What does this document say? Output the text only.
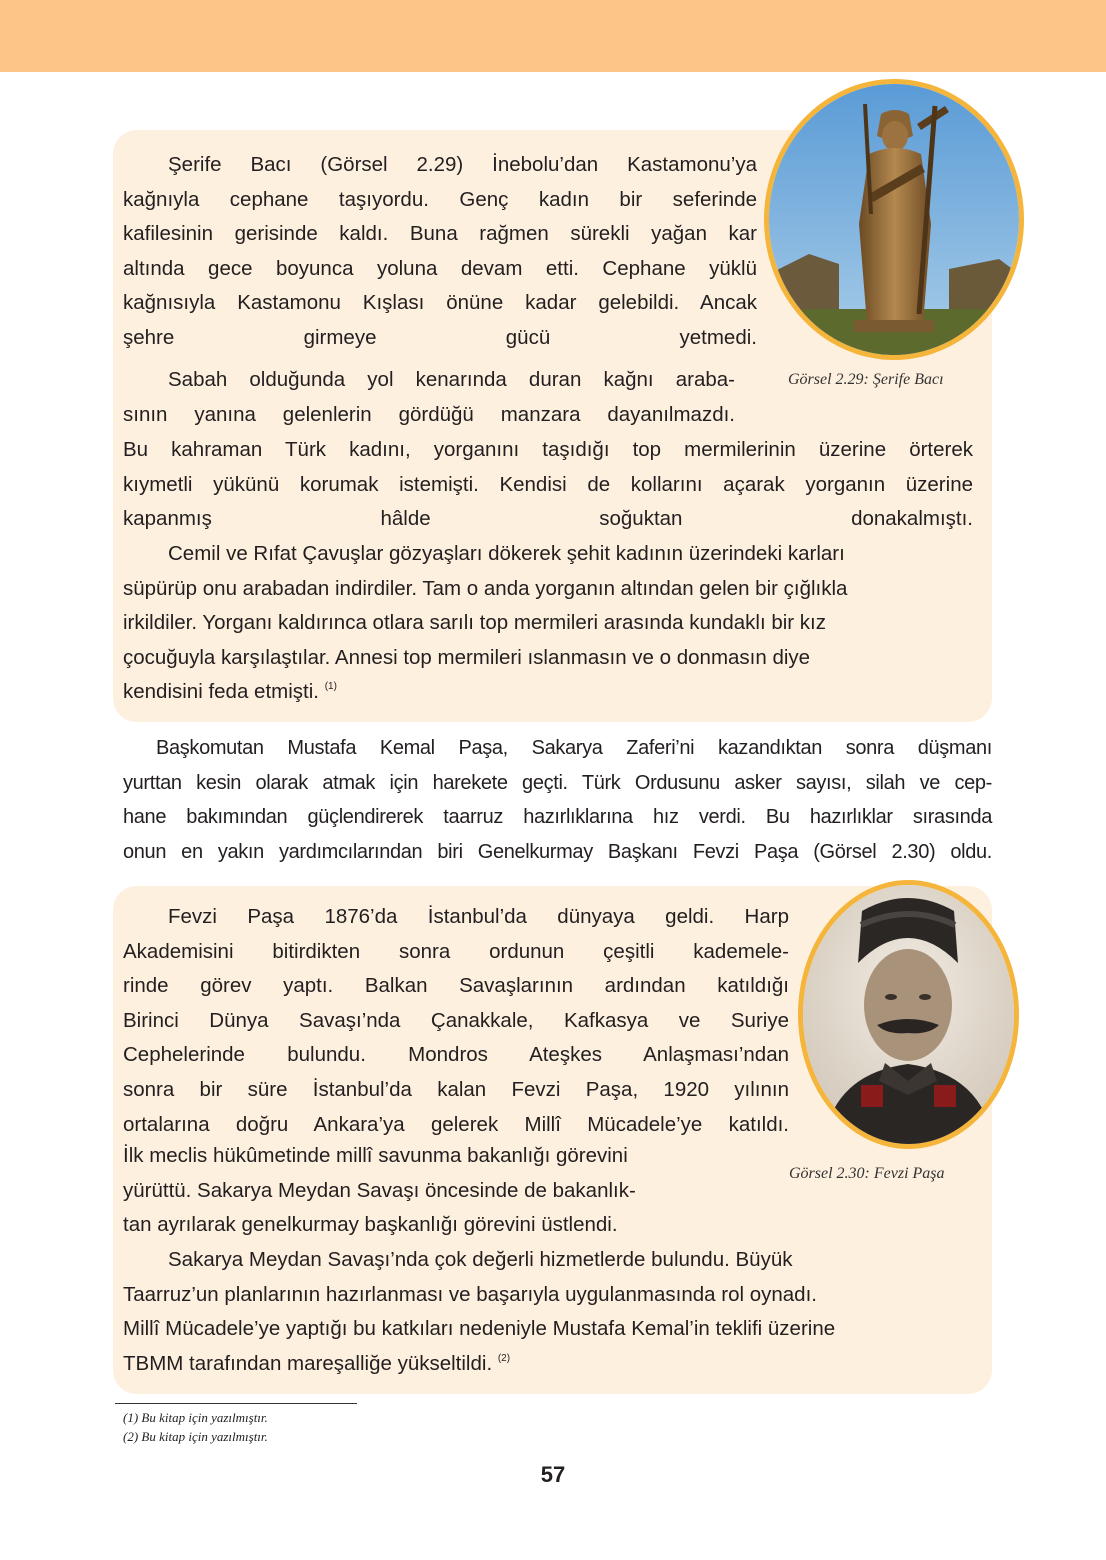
Şerife Bacı (Görsel 2.29) İnebolu’dan Kastamonu’ya
kağnıyla cephane taşıyordu. Genç kadın bir seferinde
kafilesinin gerisinde kaldı. Buna rağmen sürekli yağan kar
altında gece boyunca yoluna devam etti. Cephane yüklü
kağnısıyla Kastamonu Kışlası önüne kadar gelebildi. Ancak
şehre girmeye gücü yetmedi.

Sabah olduğunda yol kenarında duran kağnı araba-
sının yanına gelenlerin gördüğü manzara dayanılmazdı.

Bu kahraman Türk kadını, yorganını taşıdığı top mermilerinin üzerine örterek
kıymetli yükünü korumak istemişti. Kendisi de kollarını açarak yorganın üzerine
kapanmış hâlde soğuktan donakalmıştı.

Cemil ve Rıfat Çavuşlar gözyaşları dökerek şehit kadının üzerindeki karları
süpürüp onu arabadan indirdiler. Tam o anda yorganın altından gelen bir çığlıkla
irkildiler. Yorganı kaldırınca otlara sarılı top mermileri arasında kundaklı bir kız
çocuğuyla karşılaştılar. Annesi top mermileri ıslanmasın ve o donmasın diye
kendisini feda etmişti. $^{(1)}$

Görsel 2.29: Şerife Bacı

Başkomutan Mustafa Kemal Paşa, Sakarya Zaferi’ni kazandıktan sonra düşmanı
yurttan kesin olarak atmak için harekete geçti. Türk Ordusunu asker sayısı, silah ve cep-
hane bakımından güçlendirerek taarruz hazırlıklarına hız verdi. Bu hazırlıklar sırasında
onun en yakın yardımcılarından biri Genelkurmay Başkanı Fevzi Paşa (Görsel 2.30) oldu.

Fevzi Paşa 1876’da İstanbul’da dünyaya geldi. Harp
Akademisini bitirdikten sonra ordunun çeşitli kademele-
rinde görev yaptı. Balkan Savaşlarının ardından katıldığı
Birinci Dünya Savaşı’nda Çanakkale, Kafkasya ve Suriye
Cephelerinde bulundu. Mondros Ateşkes Anlaşması’ndan
sonra bir süre İstanbul’da kalan Fevzi Paşa, 1920 yılının
ortalarına doğru Ankara’ya gelerek Millî Mücadele’ye katıldı.

İlk meclis hükûmetinde millî savunma bakanlığı görevini
yürüttü. Sakarya Meydan Savaşı öncesinde de bakanlık-
tan ayrılarak genelkurmay başkanlığı görevini üstlendi.

Sakarya Meydan Savaşı’nda çok değerli hizmetlerde bulundu. Büyük
Taarruz’un planlarının hazırlanması ve başarıyla uygulanmasında rol oynadı.
Millî Mücadele’ye yaptığı bu katkıları nedeniyle Mustafa Kemal’in teklifi üzerine
TBMM tarafından mareşalliğe yükseltildi. $^{(2)}$

Görsel 2.30: Fevzi Paşa
(1) Bu kitap için yazılmıştır.
(2) Bu kitap için yazılmıştır.
57
